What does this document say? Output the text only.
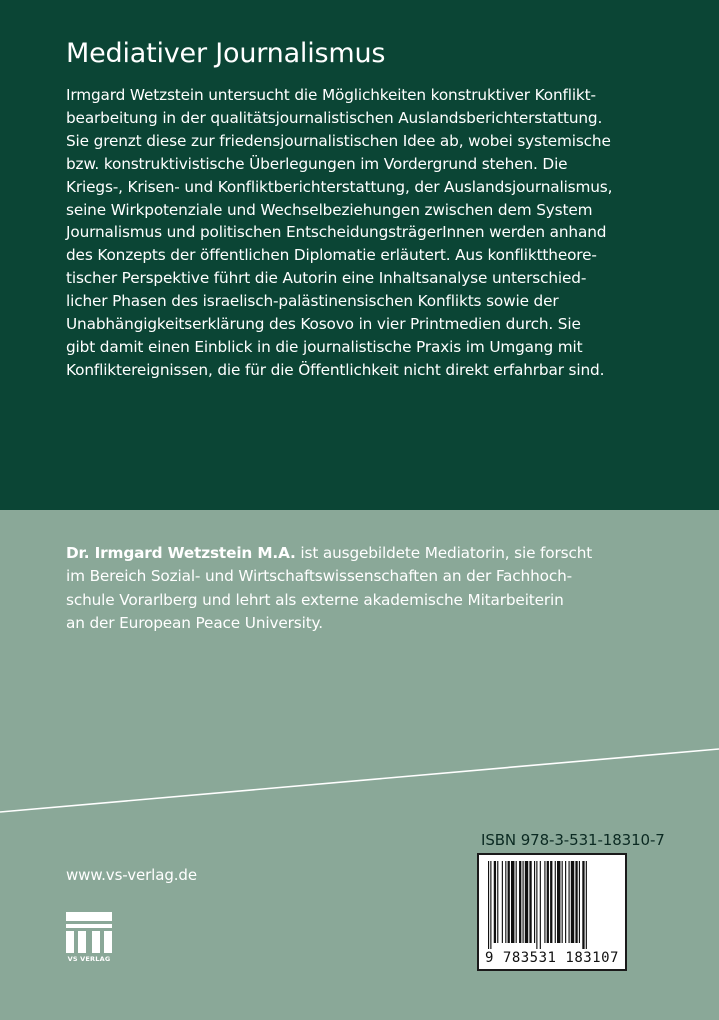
Mediativer Journalismus
Irmgard Wetzstein untersucht die Möglichkeiten konstruktiver Konflikt-
bearbeitung in der qualitätsjournalistischen Auslandsberichterstattung.
Sie grenzt diese zur friedensjournalistischen Idee ab, wobei systemische
bzw. konstruktivistische Überlegungen im Vordergrund stehen. Die
Kriegs-, Krisen- und Konfliktberichterstattung, der Auslandsjournalismus,
seine Wirkpotenziale und Wechselbeziehungen zwischen dem System
Journalismus und politischen EntscheidungsträgerInnen werden anhand
des Konzepts der öffentlichen Diplomatie erläutert. Aus konflikttheore-
tischer Perspektive führt die Autorin eine Inhaltsanalyse unterschied-
licher Phasen des israelisch-palästinensischen Konflikts sowie der
Unabhängigkeitserklärung des Kosovo in vier Printmedien durch. Sie
gibt damit einen Einblick in die journalistische Praxis im Umgang mit
Konfliktereignissen, die für die Öffentlichkeit nicht direkt erfahrbar sind.
Dr. Irmgard Wetzstein M.A. ist ausgebildete Mediatorin, sie forscht
im Bereich Sozial- und Wirtschaftswissenschaften an der Fachhoch-
schule Vorarlberg und lehrt als externe akademische Mitarbeiterin
an der European Peace University.
ISBN 978-3-531-18310-7
9 783531 183107
www.vs-verlag.de
VS VERLAG
